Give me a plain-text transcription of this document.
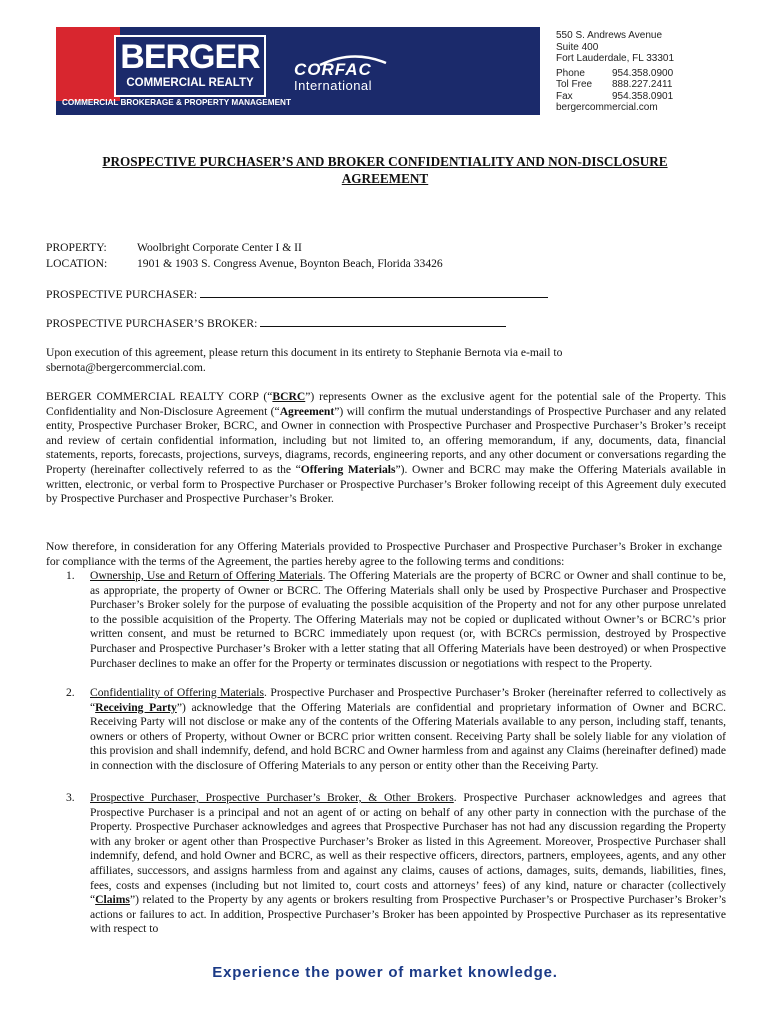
BERGER
COMMERCIAL REALTY
COMMERCIAL BROKERAGE & PROPERTY MANAGEMENT
CORFAC
International
550 S. Andrews Avenue
Suite 400
Fort Lauderdale, FL 33301
Phone	954.358.0900
Tol Free 888.227.2411
Fax	954.358.0901
bergercommercial.com
PROSPECTIVE PURCHASER’S AND BROKER CONFIDENTIALITY AND NON-DISCLOSURE
AGREEMENT
PROPERTY:	Woolbright Corporate Center I & II
LOCATION:	1901 & 1903 S. Congress Avenue, Boynton Beach, Florida 33426
PROSPECTIVE PURCHASER:
PROSPECTIVE PURCHASER’S BROKER:
Upon execution of this agreement, please return this document in its entirety to Stephanie Bernota via e-mail to
sbernota@bergercommercial.com.
BERGER COMMERCIAL REALTY CORP (“BCRC”) represents Owner as the exclusive agent for the potential sale of the Property. This Confidentiality and Non-Disclosure Agreement (“Agreement”) will confirm the mutual understandings of Prospective Purchaser and any related entity, Prospective Purchaser Broker, BCRC, and Owner in connection with Prospective Purchaser and Prospective Purchaser’s Broker’s receipt and review of certain confidential information, including but not limited to, an offering memorandum, if any, documents, data, financial statements, reports, forecasts, projections, surveys, diagrams, records, engineering reports, and any other document or conversations regarding the Property (hereinafter collectively referred to as the “Offering Materials”). Owner and BCRC may make the Offering Materials available in written, electronic, or verbal form to Prospective Purchaser or Prospective Purchaser’s Broker following receipt of this Agreement duly executed by Prospective Purchaser and Prospective Purchaser’s Broker.
Now therefore, in consideration for any Offering Materials provided to Prospective Purchaser and Prospective Purchaser’s Broker in exchange for compliance with the terms of the Agreement, the parties hereby agree to the following terms and conditions:
1. Ownership, Use and Return of Offering Materials. The Offering Materials are the property of BCRC or Owner and shall continue to be, as appropriate, the property of Owner or BCRC. The Offering Materials shall only be used by Prospective Purchaser and Prospective Purchaser’s Broker solely for the purpose of evaluating the possible acquisition of the Property and not for any other purpose unrelated to the possible acquisition of the Property. The Offering Materials may not be copied or duplicated without Owner’s or BCRC’s prior written consent, and must be returned to BCRC immediately upon request (or, with BCRCs permission, destroyed by Prospective Purchaser and Prospective Purchaser’s Broker with a letter stating that all Offering Materials have been destroyed) or when Prospective Purchaser declines to make an offer for the Property or terminates discussion or negotiations with respect to the Property.
2. Confidentiality of Offering Materials. Prospective Purchaser and Prospective Purchaser’s Broker (hereinafter referred to collectively as “Receiving Party”) acknowledge that the Offering Materials are confidential and proprietary information of Owner and BCRC. Receiving Party will not disclose or make any of the contents of the Offering Materials available to any person, including staff, tenants, owners or others of Property, without Owner or BCRC prior written consent. Receiving Party shall be solely liable for any violation of this provision and shall indemnify, defend, and hold BCRC and Owner harmless from and against any Claims (hereinafter defined) made in connection with the disclosure of Offering Materials to any person or entity other than the Receiving Party.
3. Prospective Purchaser, Prospective Purchaser’s Broker, & Other Brokers. Prospective Purchaser acknowledges and agrees that Prospective Purchaser is a principal and not an agent of or acting on behalf of any other party in connection with the purchase of the Property. Prospective Purchaser acknowledges and agrees that Prospective Purchaser has not had any discussion regarding the Property with any broker or agent other than Prospective Purchaser’s Broker as listed in this Agreement. Moreover, Prospective Purchaser shall indemnify, defend, and hold Owner and BCRC, as well as their respective officers, directors, partners, employees, agents, and any other affiliates, successors, and assigns harmless from and against any claims, causes of actions, damages, suits, demands, liabilities, fines, fees, costs and expenses (including but not limited to, court costs and attorneys’ fees) of any kind, nature or character (collectively “Claims”) related to the Property by any agents or brokers resulting from Prospective Purchaser’s or Prospective Purchaser’s Broker’s actions or failures to act. In addition, Prospective Purchaser’s Broker has been appointed by Prospective Purchaser as its representative with respect to
Experience the power of market knowledge.
